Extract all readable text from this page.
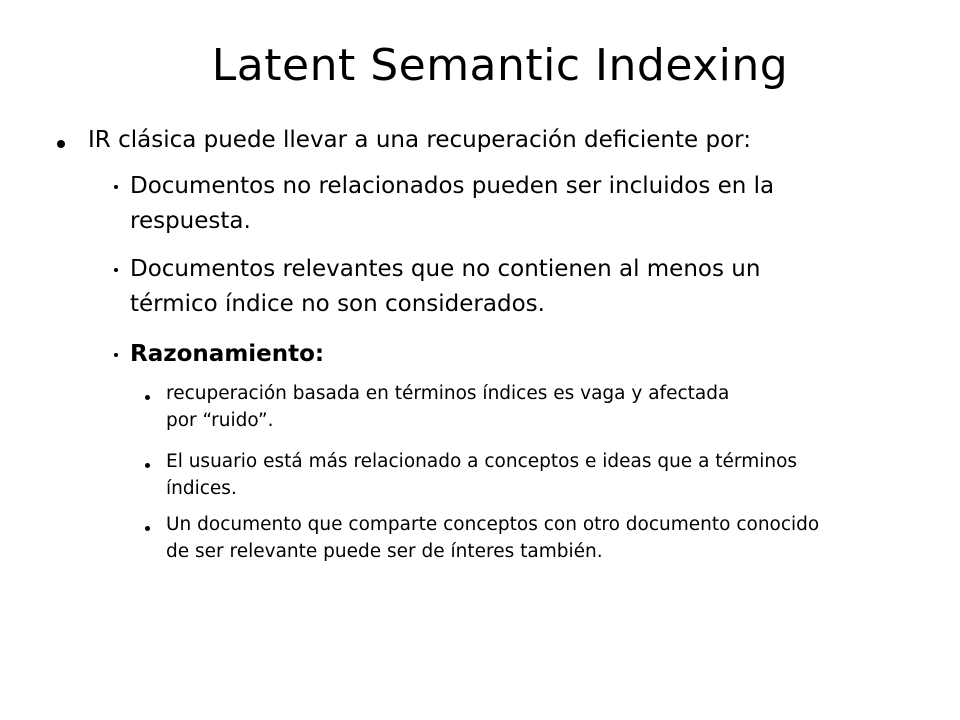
Latent Semantic Indexing
IR clásica puede llevar a una recuperación deficiente por:
Documentos no relacionados pueden ser incluidos en la
respuesta.
Documentos relevantes que no contienen al menos un
térmico índice no son considerados.
Razonamiento:
recuperación basada en términos índices es vaga y afectada
por “ruido”.
El usuario está más relacionado a conceptos e ideas que a términos
índices.
Un documento que comparte conceptos con otro documento conocido
de ser relevante puede ser de ínteres también.
